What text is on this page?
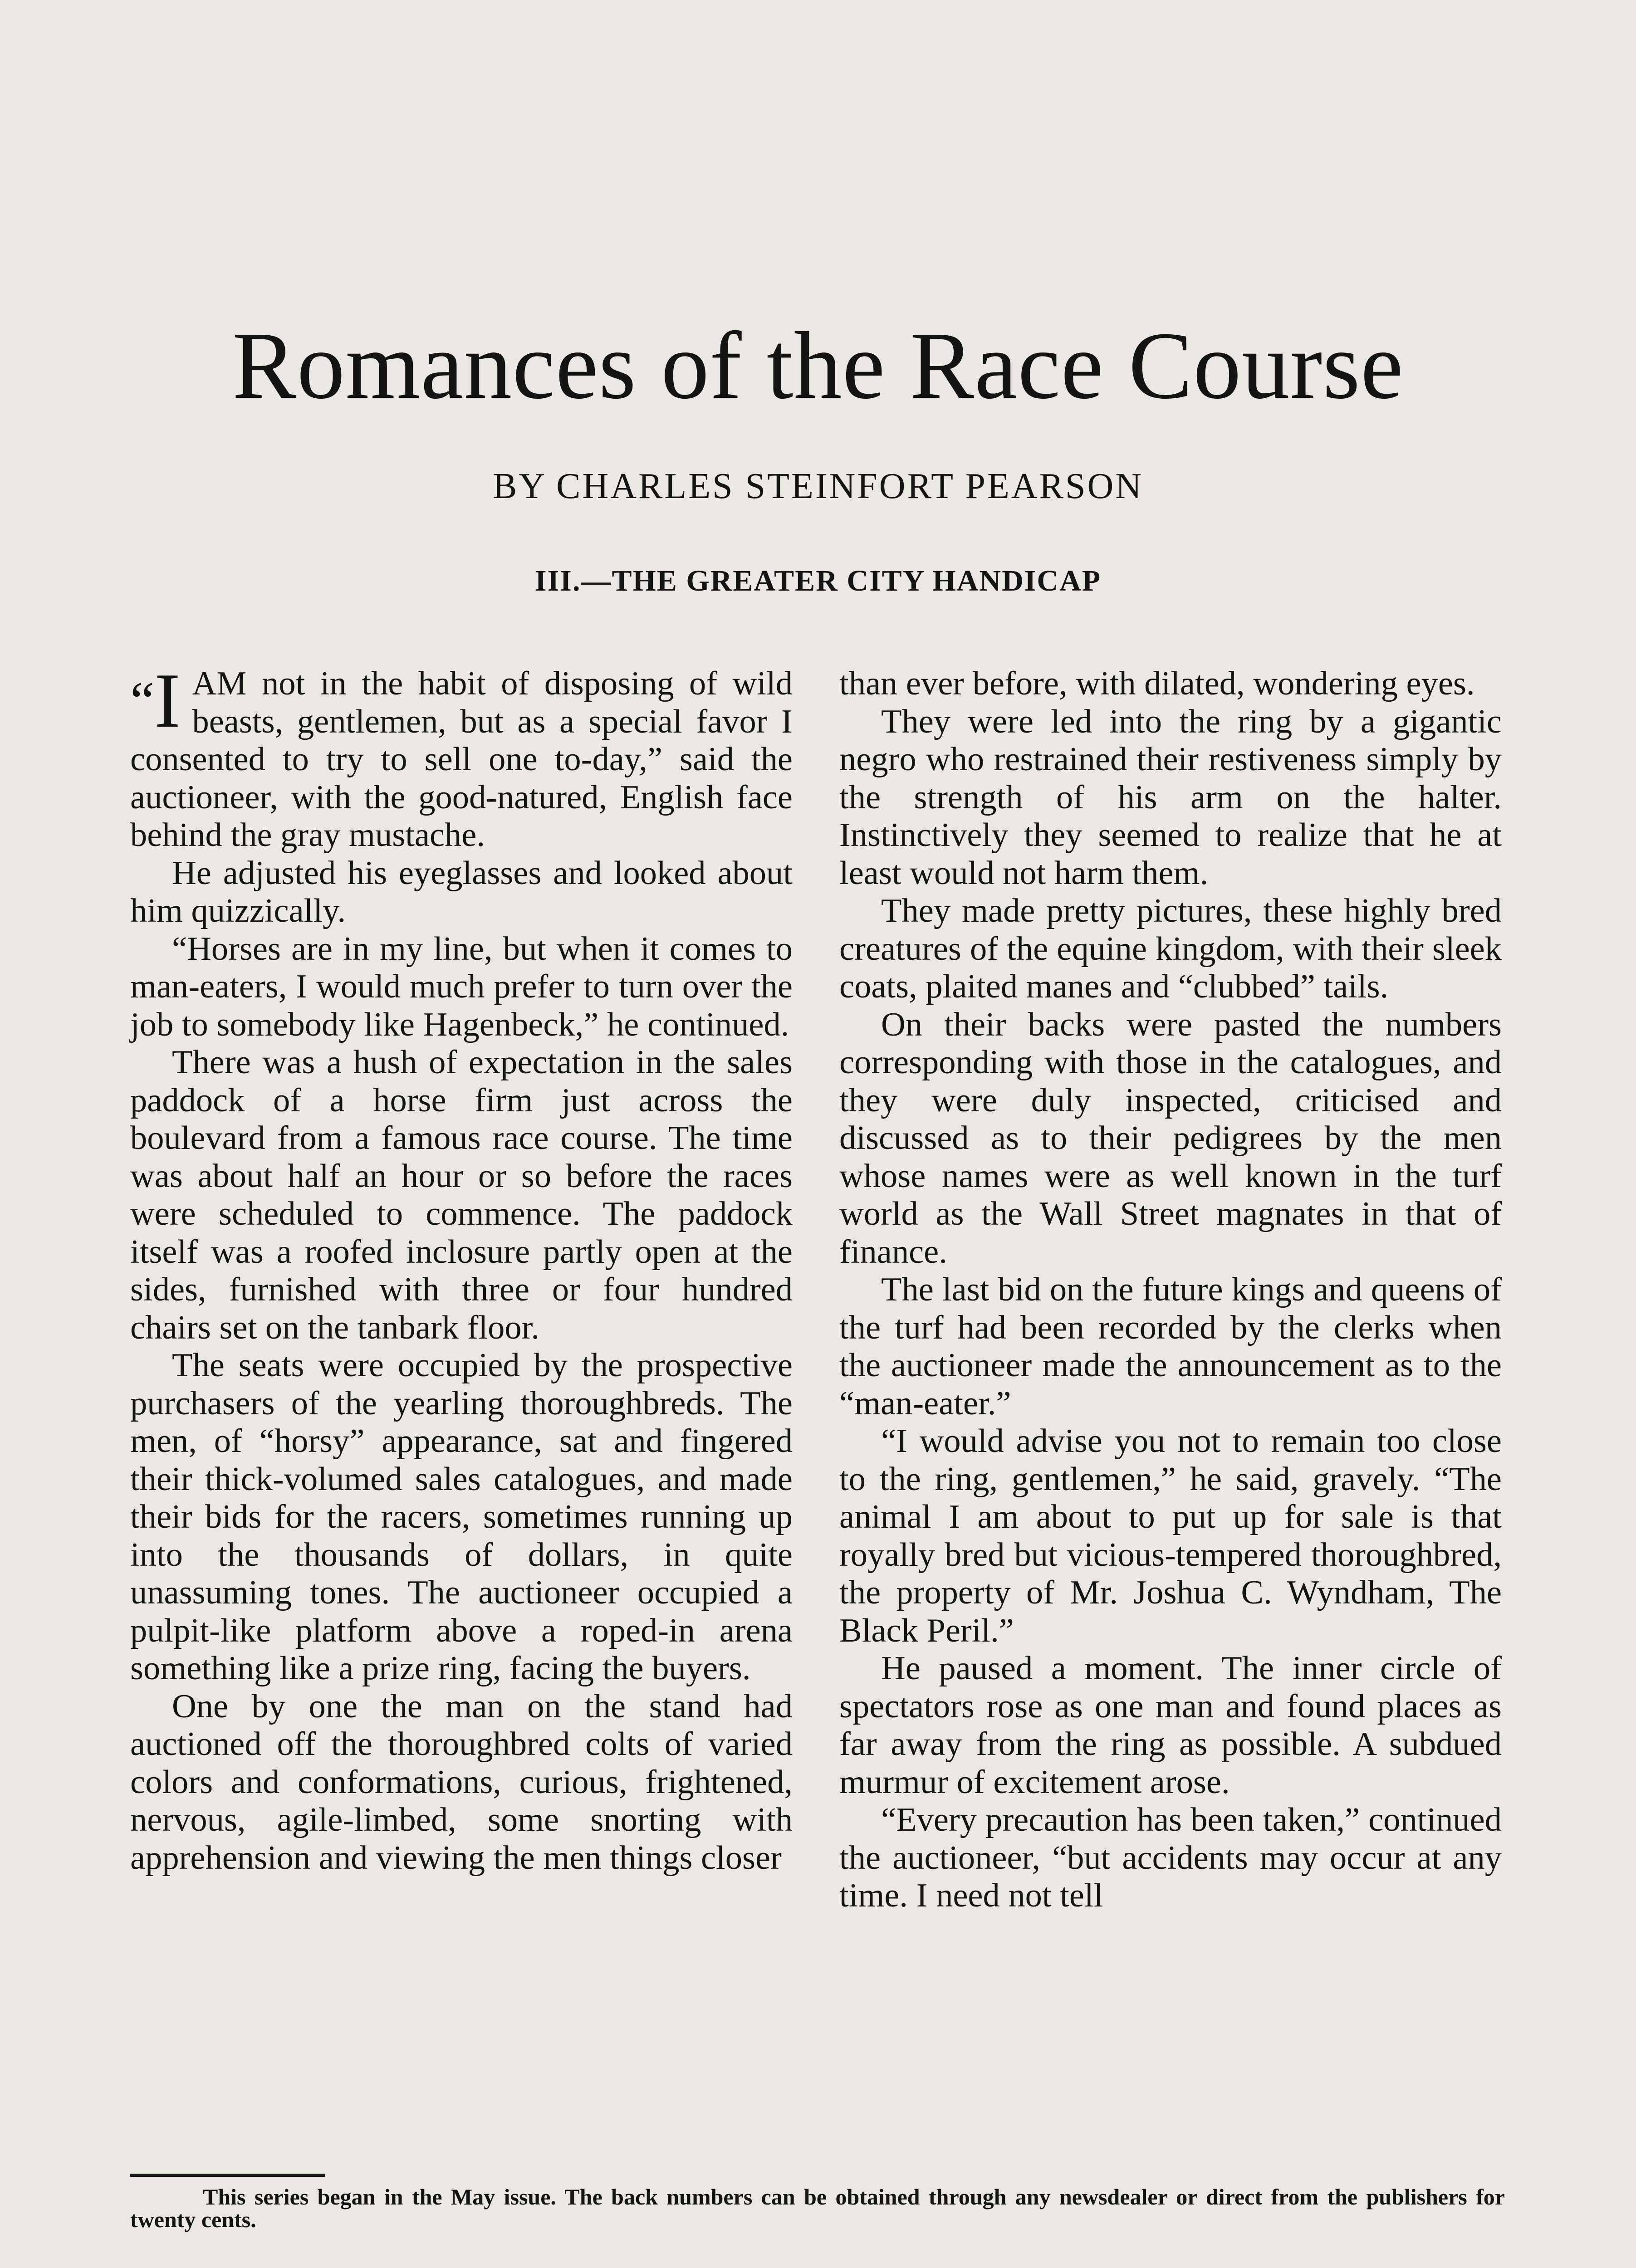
Romances of the Race Course
BY CHARLES STEINFORT PEARSON
III.—THE GREATER CITY HANDICAP

“I AM not in the habit of disposing of wild beasts, gentlemen, but as a special favor I consented to try to sell one to-day,” said the auctioneer, with the good-natured, English face behind the gray mustache.

He adjusted his eyeglasses and looked about him quizzically.

“Horses are in my line, but when it comes to man-eaters, I would much prefer to turn over the job to somebody like Hagenbeck,” he continued.

There was a hush of expectation in the sales paddock of a horse firm just across the boulevard from a famous race course. The time was about half an hour or so before the races were scheduled to commence. The paddock itself was a roofed inclosure partly open at the sides, furnished with three or four hundred chairs set on the tanbark floor.

The seats were occupied by the prospective purchasers of the yearling thoroughbreds. The men, of “horsy” appearance, sat and fingered their thick-volumed sales catalogues, and made their bids for the racers, sometimes running up into the thousands of dollars, in quite unassuming tones. The auctioneer occupied a pulpit-like platform above a roped-in arena something like a prize ring, facing the buyers.

One by one the man on the stand had auctioned off the thoroughbred colts of varied colors and conformations, curious, frightened, nervous, agile-limbed, some snorting with apprehension and viewing the men things closer

than ever before, with dilated, wondering eyes.

They were led into the ring by a gigantic negro who restrained their restiveness simply by the strength of his arm on the halter. Instinctively they seemed to realize that he at least would not harm them.

They made pretty pictures, these highly bred creatures of the equine kingdom, with their sleek coats, plaited manes and “clubbed” tails.

On their backs were pasted the numbers corresponding with those in the catalogues, and they were duly inspected, criticised and discussed as to their pedigrees by the men whose names were as well known in the turf world as the Wall Street magnates in that of finance.

The last bid on the future kings and queens of the turf had been recorded by the clerks when the auctioneer made the announcement as to the “man-eater.”

“I would advise you not to remain too close to the ring, gentlemen,” he said, gravely. “The animal I am about to put up for sale is that royally bred but vicious-tempered thoroughbred, the property of Mr. Joshua C. Wyndham, The Black Peril.”

He paused a moment. The inner circle of spectators rose as one man and found places as far away from the ring as possible. A subdued murmur of excitement arose.

“Every precaution has been taken,” continued the auctioneer, “but accidents may occur at any time. I need not tell

This series began in the May issue. The back numbers can be obtained through any newsdealer or direct from the publishers for twenty cents.
